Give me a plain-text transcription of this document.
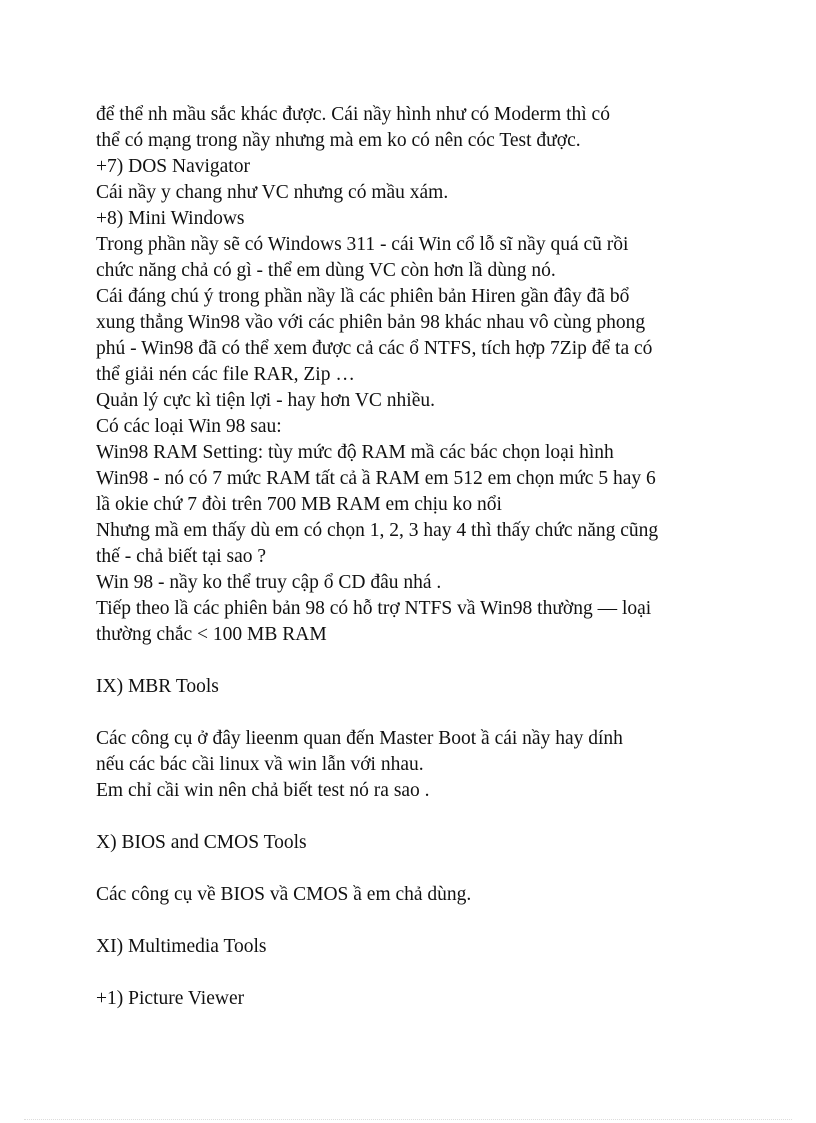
để thể nh mầu sắc khác được. Cái nầy hình như có Moderm thì có
thể có mạng trong nầy nhưng mà em ko có nên cóc Test được.
+7) DOS Navigator
Cái nầy y chang như VC nhưng có mầu xám.
+8) Mini Windows
Trong phần nầy sẽ có Windows 311 - cái Win cổ lỗ sĩ nầy quá cũ rồi
chức năng chả có gì - thể em dùng VC còn hơn lầ dùng nó.
Cái đáng chú ý trong phần nầy lầ các phiên bản Hiren gần đây đã bổ
xung thẳng Win98 vầo với các phiên bản 98 khác nhau vô cùng phong
phú - Win98 đã có thể xem được cả các ổ NTFS, tích hợp 7Zip để ta có
thể giải nén các file RAR, Zip …
Quản lý cực kì tiện lợi - hay hơn VC nhiều.
Có các loại Win 98 sau:
Win98 RAM Setting: tùy mức độ RAM mầ các bác chọn loại hình
Win98 - nó có 7 mức RAM tất cả ầ RAM em 512 em chọn mức 5 hay 6
lầ okie chứ 7 đòi trên 700 MB RAM em chịu ko nổi
Nhưng mầ em thấy dù em có chọn 1, 2, 3 hay 4 thì thấy chức năng cũng
thế - chả biết tại sao ?
Win 98 - nầy ko thể truy cập ổ CD đâu nhá .
Tiếp theo lầ các phiên bản 98 có hỗ trợ NTFS vầ Win98 thường — loại
thường chắc < 100 MB RAM
IX) MBR Tools
Các công cụ ở đây lieenm quan đến Master Boot ầ cái nầy hay dính
nếu các bác cầi linux vầ win lẫn với nhau.
Em chỉ cầi win nên chả biết test nó ra sao .
X) BIOS and CMOS Tools
Các công cụ về BIOS vầ CMOS ầ em chả dùng.
XI) Multimedia Tools
+1) Picture Viewer
